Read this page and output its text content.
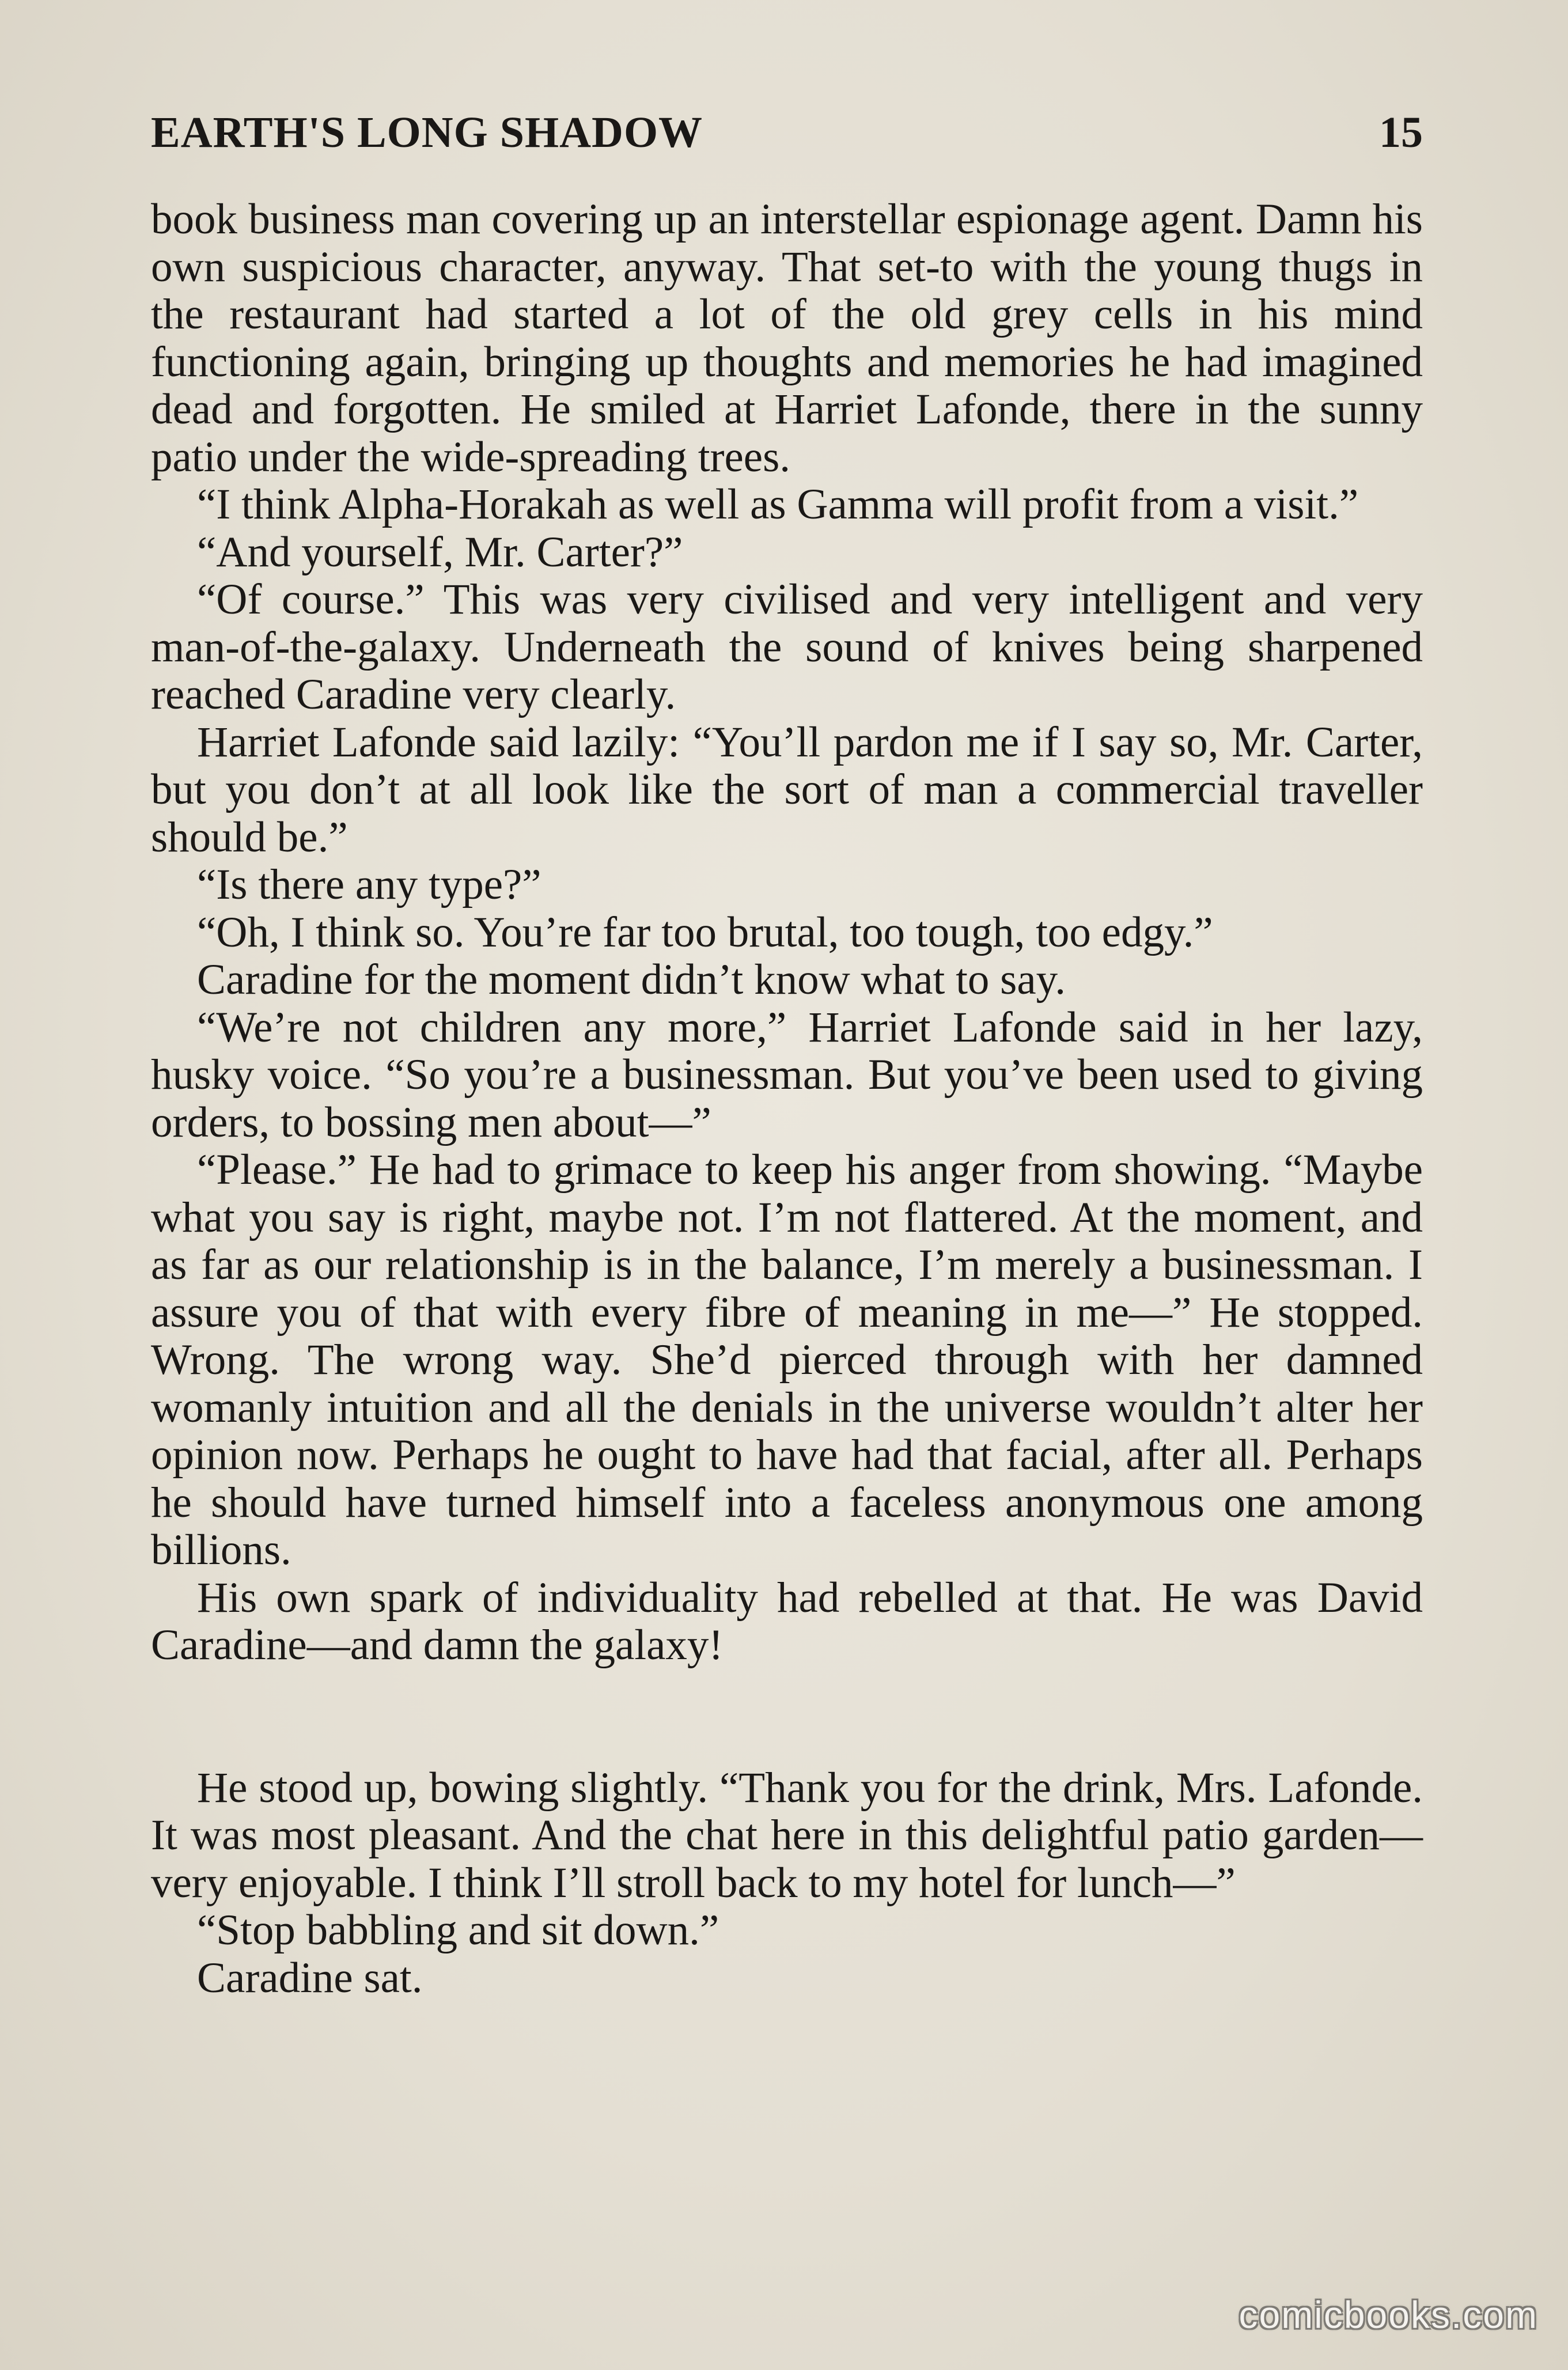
EARTH'S LONG SHADOW	15

book business man covering up an interstellar espionage agent. Damn his own suspicious character, anyway. That set-to with the young thugs in the restaurant had started a lot of the old grey cells in his mind functioning again, bringing up thoughts and memories he had imagined dead and forgotten. He smiled at Harriet Lafonde, there in the sunny patio under the wide-spreading trees.

“I think Alpha-Horakah as well as Gamma will profit from a visit.”

“And yourself, Mr. Carter?”

“Of course.” This was very civilised and very intelligent and very man-of-the-galaxy. Underneath the sound of knives being sharpened reached Caradine very clearly.

Harriet Lafonde said lazily: “You’ll pardon me if I say so, Mr. Carter, but you don’t at all look like the sort of man a commercial traveller should be.”

“Is there any type?”

“Oh, I think so. You’re far too brutal, too tough, too edgy.”

Caradine for the moment didn’t know what to say.

“We’re not children any more,” Harriet Lafonde said in her lazy, husky voice. “So you’re a businessman. But you’ve been used to giving orders, to bossing men about—”

“Please.” He had to grimace to keep his anger from showing. “Maybe what you say is right, maybe not. I’m not flattered. At the moment, and as far as our relationship is in the balance, I’m merely a businessman. I assure you of that with every fibre of meaning in me—” He stopped. Wrong. The wrong way. She’d pierced through with her damned womanly intuition and all the denials in the universe wouldn’t alter her opinion now. Perhaps he ought to have had that facial, after all. Perhaps he should have turned himself into a faceless anonymous one among billions.

His own spark of individuality had rebelled at that. He was David Caradine—and damn the galaxy!

He stood up, bowing slightly. “Thank you for the drink, Mrs. Lafonde. It was most pleasant. And the chat here in this delightful patio garden—very enjoyable. I think I’ll stroll back to my hotel for lunch—”

“Stop babbling and sit down.”

Caradine sat.

comicbooks.com
